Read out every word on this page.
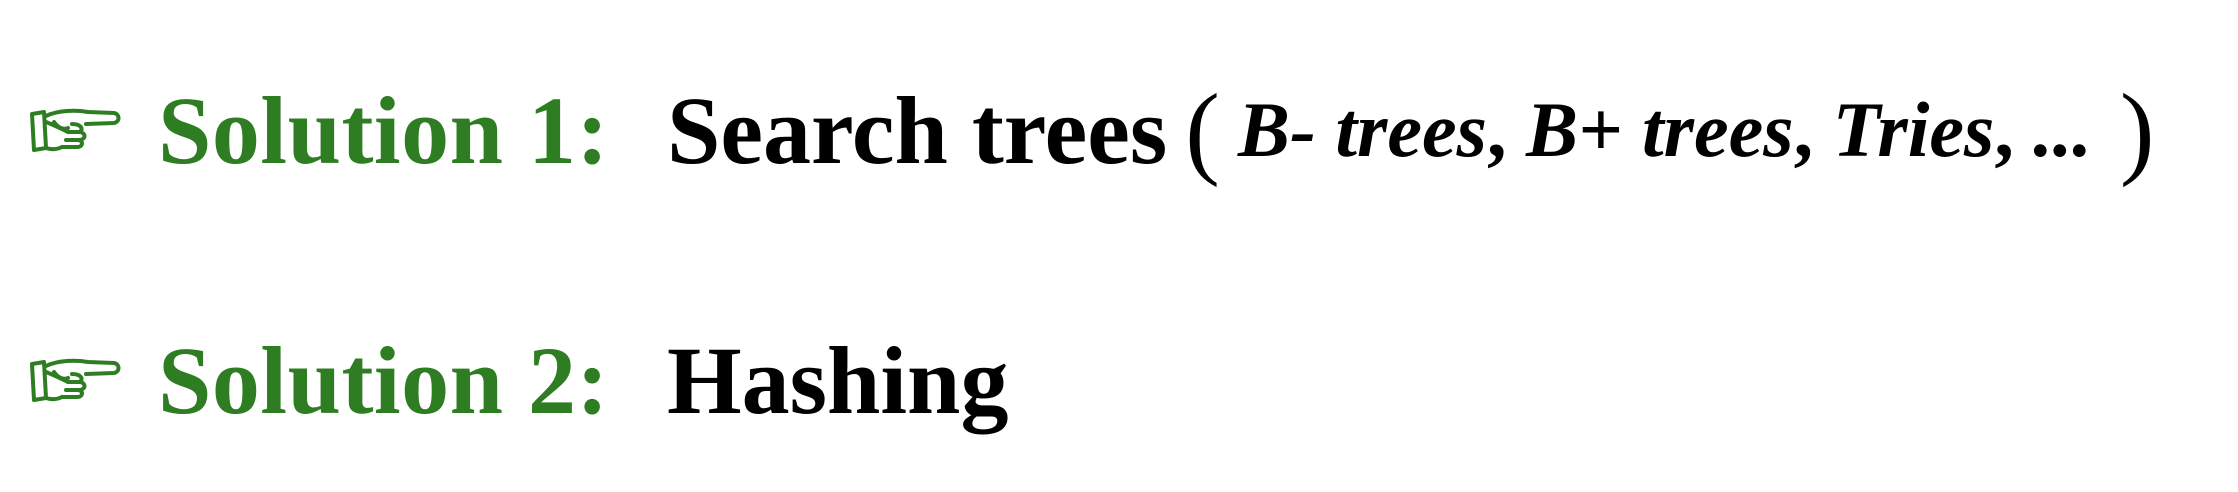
Solution 1: Search trees ( B- trees, B+ trees, Tries, ... )
Solution 2: Hashing
